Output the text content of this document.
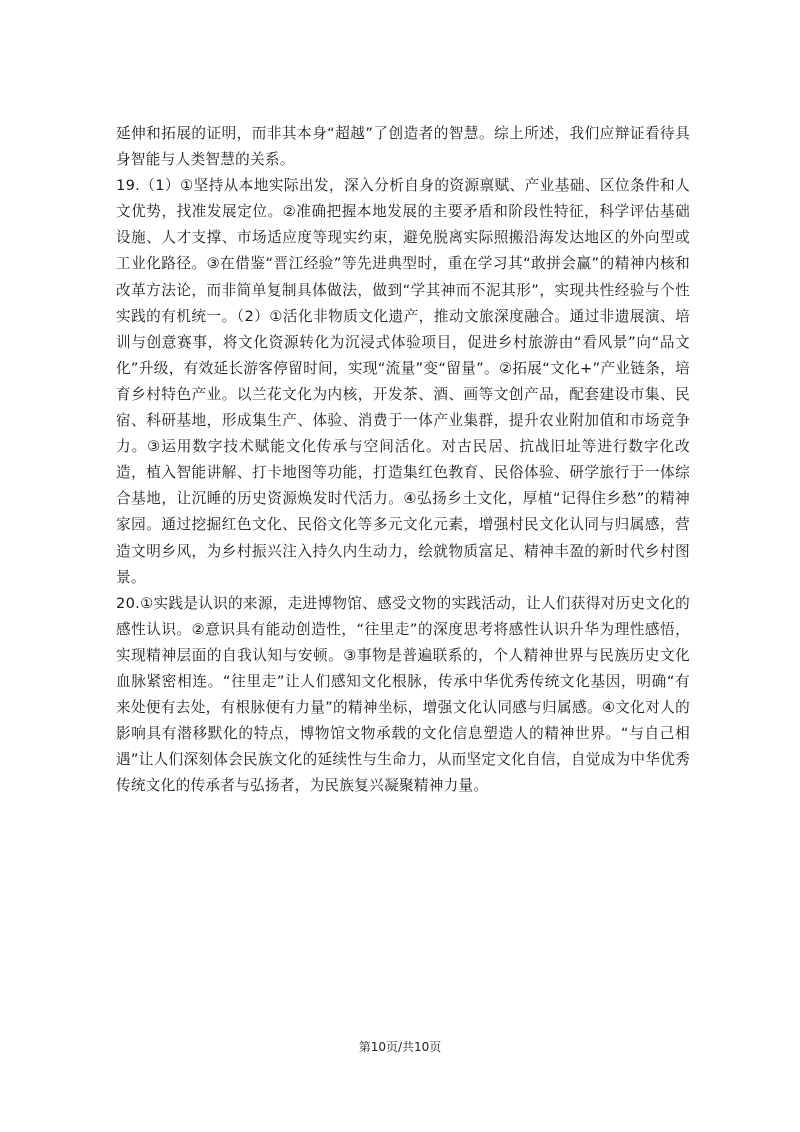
延伸和拓展的证明，而非其本身“超越”了创造者的智慧。综上所述，我们应辩证看待具身智能与人类智慧的关系。

19.（1）①坚持从本地实际出发，深入分析自身的资源禀赋、产业基础、区位条件和人文优势，找准发展定位。②准确把握本地发展的主要矛盾和阶段性特征，科学评估基础设施、人才支撑、市场适应度等现实约束，避免脱离实际照搬沿海发达地区的外向型或工业化路径。③在借鉴“晋江经验”等先进典型时，重在学习其“敢拼会赢”的精神内核和改革方法论，而非简单复制具体做法，做到“学其神而不泥其形”，实现共性经验与个性实践的有机统一。（2）①活化非物质文化遗产，推动文旅深度融合。通过非遗展演、培训与创意赛事，将文化资源转化为沉浸式体验项目，促进乡村旅游由“看风景”向“品文化”升级，有效延长游客停留时间，实现“流量”变“留量”。②拓展“文化+”产业链条，培育乡村特色产业。以兰花文化为内核，开发茶、酒、画等文创产品，配套建设市集、民宿、科研基地，形成集生产、体验、消费于一体产业集群，提升农业附加值和市场竞争力。③运用数字技术赋能文化传承与空间活化。对古民居、抗战旧址等进行数字化改造，植入智能讲解、打卡地图等功能，打造集红色教育、民俗体验、研学旅行于一体综合基地，让沉睡的历史资源焕发时代活力。④弘扬乡土文化，厚植“记得住乡愁”的精神家园。通过挖掘红色文化、民俗文化等多元文化元素，增强村民文化认同与归属感，营造文明乡风，为乡村振兴注入持久内生动力，绘就物质富足、精神丰盈的新时代乡村图景。

20.①实践是认识的来源，走进博物馆、感受文物的实践活动，让人们获得对历史文化的感性认识。②意识具有能动创造性，“往里走”的深度思考将感性认识升华为理性感悟，实现精神层面的自我认知与安顿。③事物是普遍联系的，个人精神世界与民族历史文化血脉紧密相连。“往里走”让人们感知文化根脉，传承中华优秀传统文化基因，明确“有来处便有去处，有根脉便有力量”的精神坐标，增强文化认同感与归属感。④文化对人的影响具有潜移默化的特点，博物馆文物承载的文化信息塑造人的精神世界。“与自己相遇”让人们深刻体会民族文化的延续性与生命力，从而坚定文化自信，自觉成为中华优秀传统文化的传承者与弘扬者，为民族复兴凝聚精神力量。

第10页/共10页
